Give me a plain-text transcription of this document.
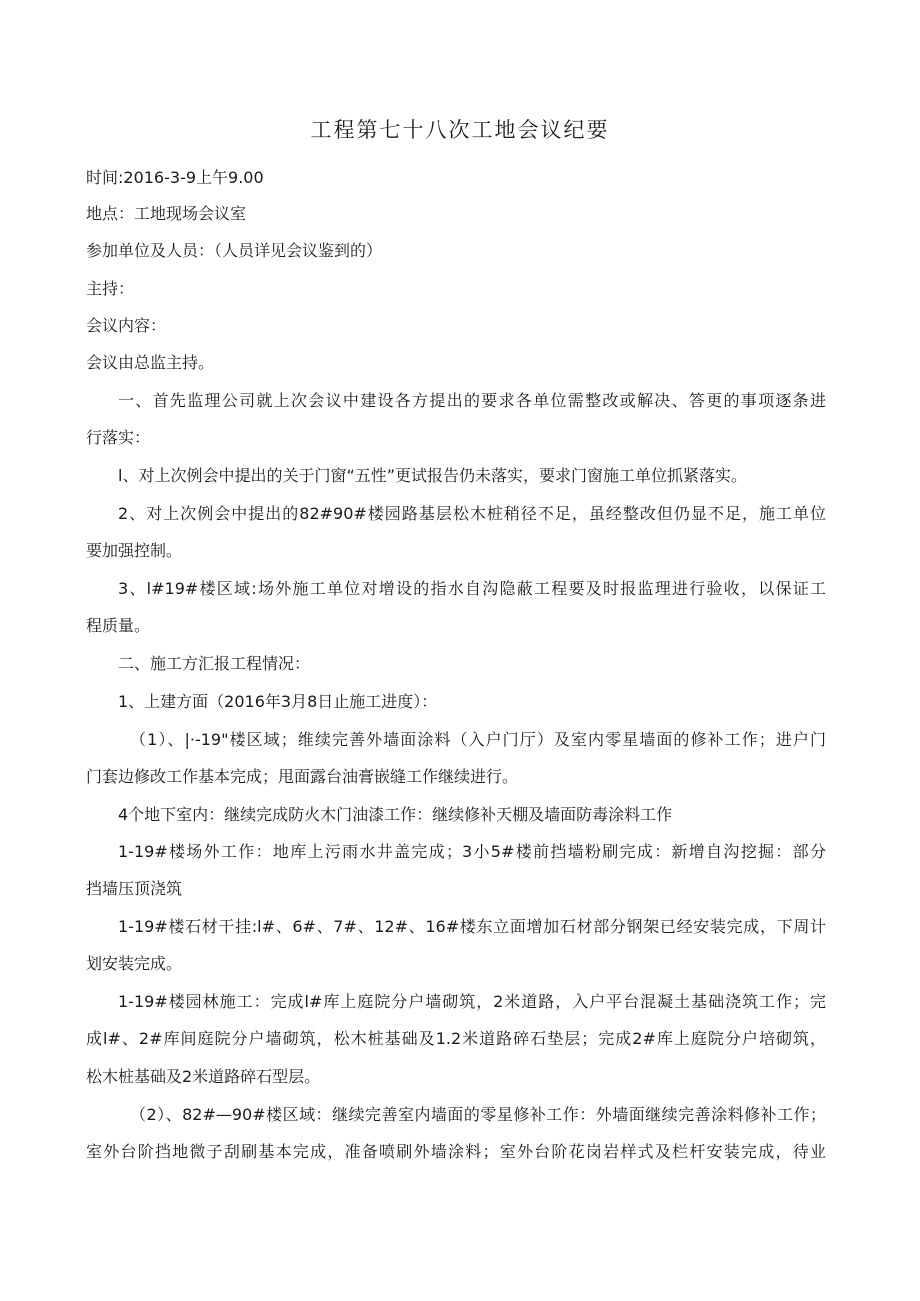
工程第七十八次工地会议纪要

时间:2016-3-9上午9.00

地点：工地现场会议室

参加单位及人员：（人员详见会议鉴到的）

主持：

会议内容：

会议由总监主持。

一、首先监理公司就上次会议中建设各方提出的要求各单位需整改或解决、答更的事项逐条进

行落实：

l、对上次例会中提出的关于门窗“五性”更试报告仍未落实，要求门窗施工单位抓紧落实。

2、对上次例会中提出的82#90#楼园路基层松木桩稍径不足，虽经整改但仍显不足，施工单位

要加强控制。

3、l#19#楼区域:场外施工单位对增设的指水自沟隐蔽工程要及时报监理进行验收，以保证工

程质量。

二、施工方汇报工程情况：

1、上建方面（2016年3月8日止施工进度）：

（1）、|·-19"楼区域；维续完善外墙面涂料（入户门厅）及室内零星墙面的修补工作；进户门

门套边修改工作基本完成；甩面露台油膏嵌缝工作继续进行。

4个地下室内：继续完成防火木门油漆工作：继续修补天棚及墙面防毒涂料工作

1-19#楼场外工作：地库上污雨水井盖完成；3小5#楼前挡墙粉刷完成：新增自沟挖掘：部分

挡墙压顶浇筑

1-19#楼石材干挂:l#、6#、7#、12#、16#楼东立面增加石材部分钢架已经安装完成，下周计

划安装完成。

1-19#楼园林施工：完成l#库上庭院分户墙砌筑，2米道路，入户平台混凝土基础浇筑工作；完

成l#、2#库间庭院分户墙砌筑，松木桩基础及1.2米道路碎石垫层；完成2#库上庭院分户培砌筑，

松木桩基础及2米道路碎石型层。

（2）、82#—90#楼区域：继续完善室内墙面的零星修补工作：外墙面继续完善涂料修补工作；

室外台阶挡地微子刮刷基本完成，准备喷刷外墙涂料；室外台阶花岗岩样式及栏杆安装完成，待业
